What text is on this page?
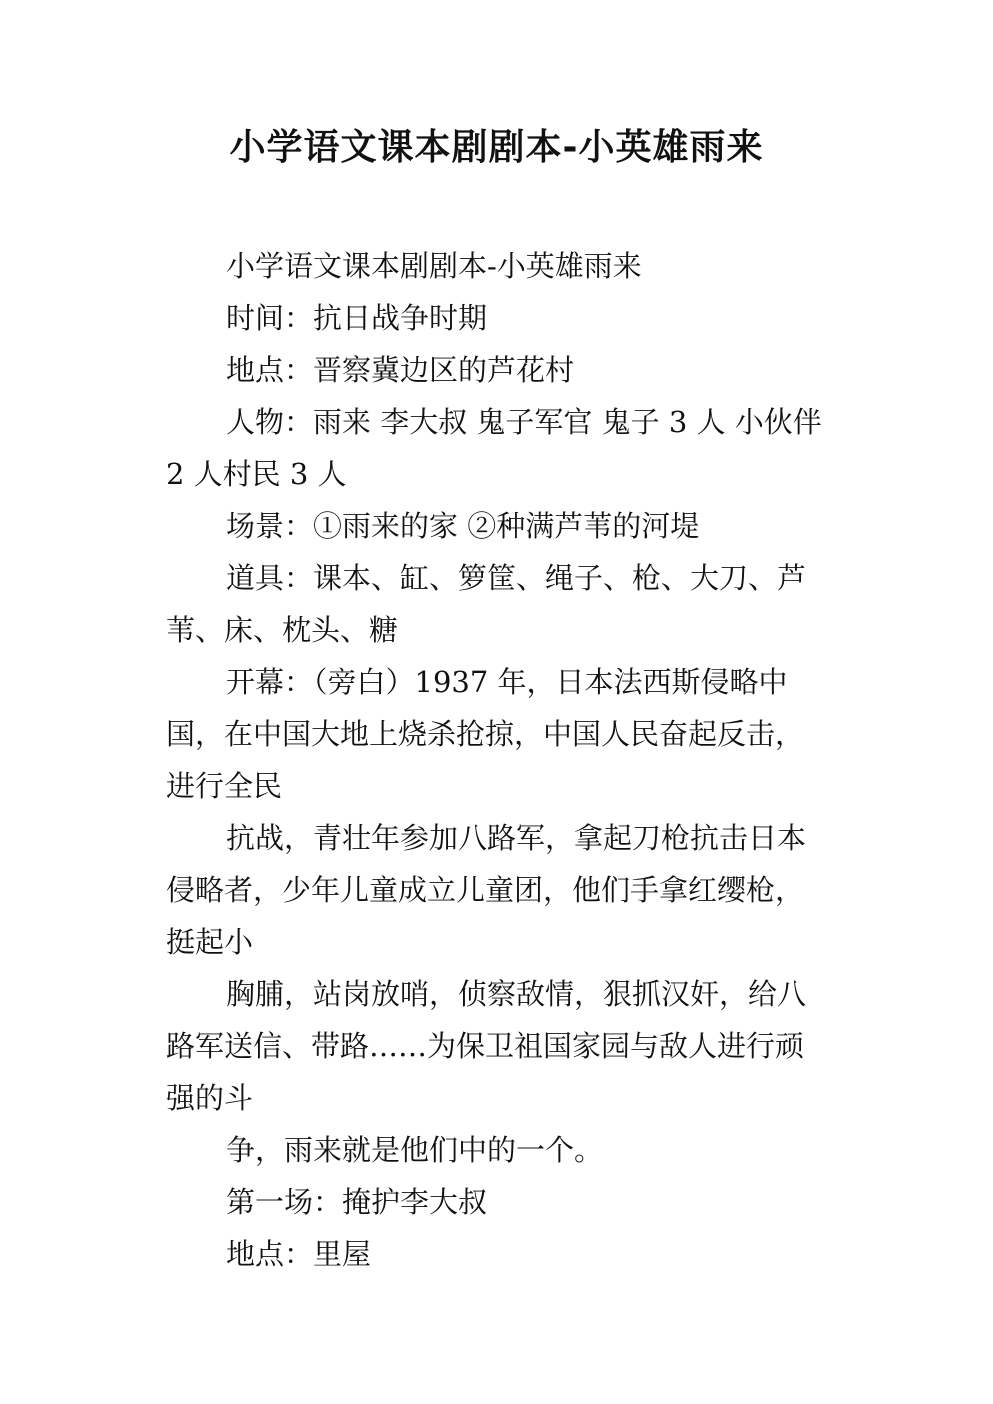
小学语文课本剧剧本-小英雄雨来

小学语文课本剧剧本-小英雄雨来

时间：抗日战争时期

地点：晋察冀边区的芦花村

人物：雨来 李大叔 鬼子军官 鬼子 3 人 小伙伴 2 人村民 3 人

场景：①雨来的家 ②种满芦苇的河堤

道具：课本、缸、箩筐、绳子、枪、大刀、芦苇、床、枕头、糖

开幕：（旁白）1937 年，日本法西斯侵略中国，在中国大地上烧杀抢掠，中国人民奋起反击，进行全民

抗战，青壮年参加八路军，拿起刀枪抗击日本侵略者，少年儿童成立儿童团，他们手拿红缨枪，挺起小

胸脯，站岗放哨，侦察敌情，狠抓汉奸，给八路军送信、带路……为保卫祖国家园与敌人进行顽强的斗

争，雨来就是他们中的一个。

第一场：掩护李大叔

地点：里屋
